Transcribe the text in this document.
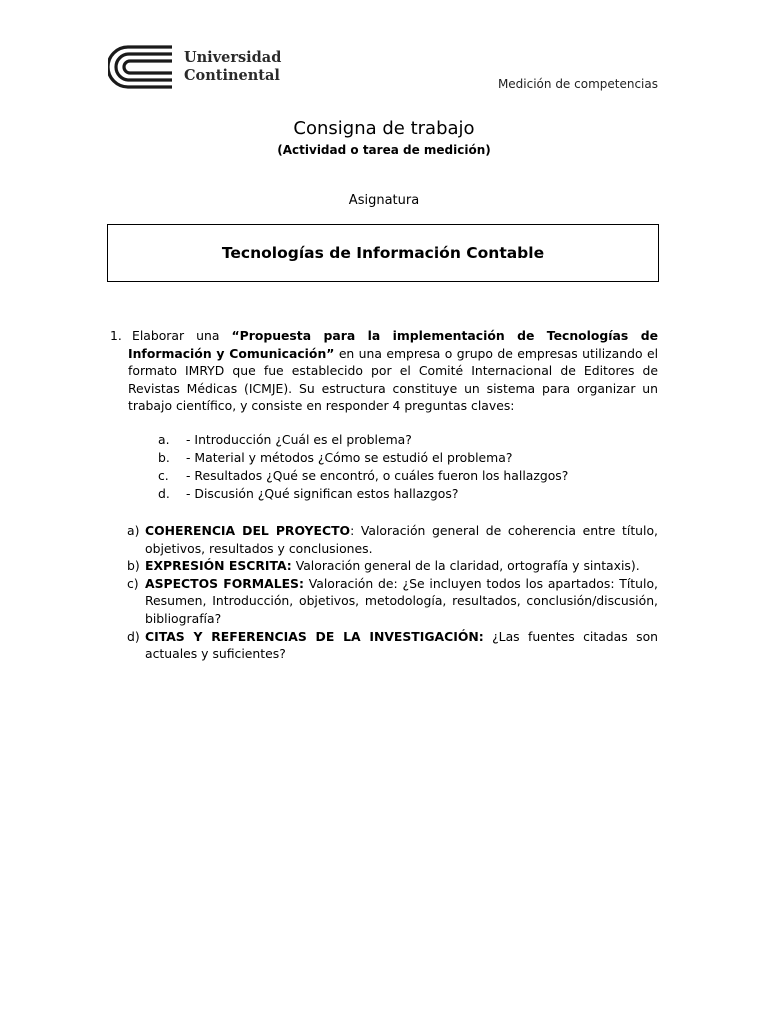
Universidad
Continental	Medición de competencias
Consigna de trabajo
(Actividad o tarea de medición)
Asignatura
Tecnologías de Información Contable
1. Elaborar una “Propuesta para la implementación de Tecnologías de Información y Comunicación” en una empresa o grupo de empresas utilizando el formato IMRYD que fue establecido por el Comité Internacional de Editores de Revistas Médicas (ICMJE). Su estructura constituye un sistema para organizar un trabajo científico, y consiste en responder 4 preguntas claves:
a.	- Introducción ¿Cuál es el problema?
b.	- Material y métodos ¿Cómo se estudió el problema?
c.	- Resultados ¿Qué se encontró, o cuáles fueron los hallazgos?
d.	- Discusión ¿Qué significan estos hallazgos?
a) COHERENCIA DEL PROYECTO: Valoración general de coherencia entre título, objetivos, resultados y conclusiones.
b) EXPRESIÓN ESCRITA: Valoración general de la claridad, ortografía y sintaxis).
c) ASPECTOS FORMALES: Valoración de: ¿Se incluyen todos los apartados: Título, Resumen, Introducción, objetivos, metodología, resultados, conclusión/discusión, bibliografía?
d) CITAS Y REFERENCIAS DE LA INVESTIGACIÓN: ¿Las fuentes citadas son actuales y suficientes?
